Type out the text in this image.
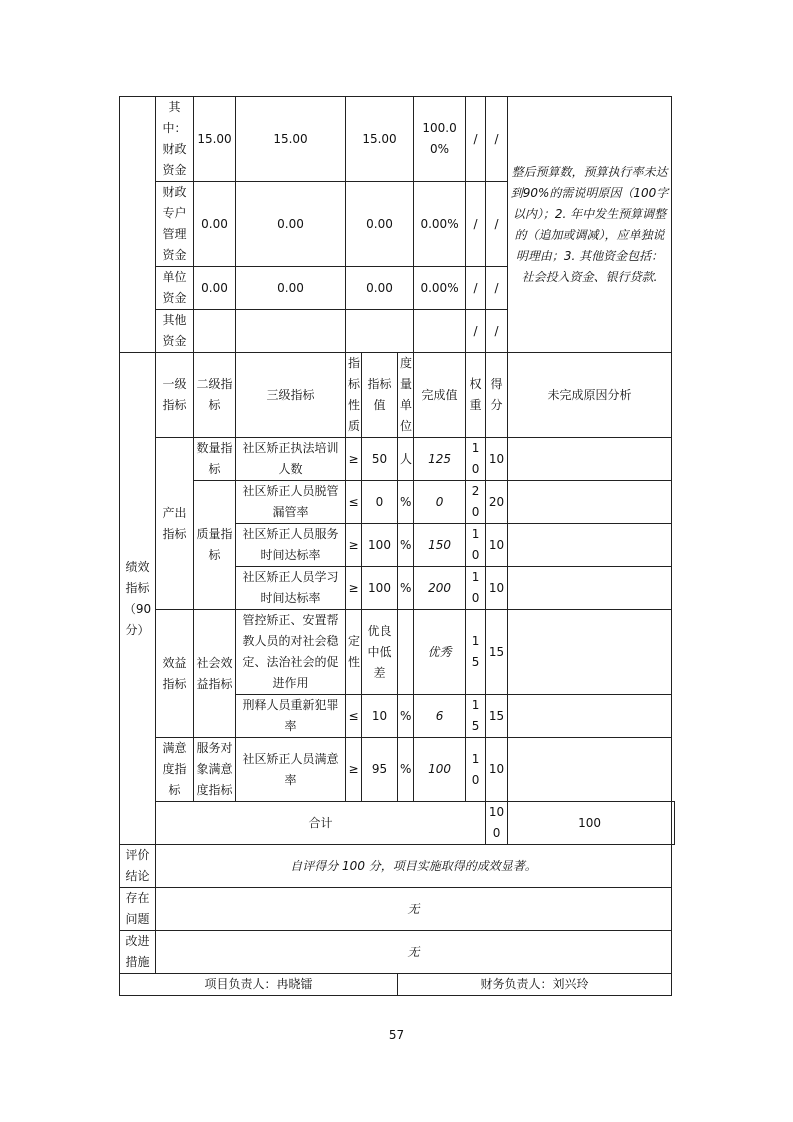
	其中：财政资金	15.00	15.00	15.00			100.00%	/	/	整后预算数，预算执行率未达到90%的需说明原因（100字以内）；2. 年中发生预算调整的（追加或调减），应单独说明理由；3. 其他资金包括：社会投入资金、银行贷款.	
	财政专户管理资金	0.00	0.00	0.00			0.00%	/	/		
	单位资金	0.00	0.00	0.00			0.00%	/	/		
	其他资金							/	/		
绩效指标（90分）	一级指标	二级指标	三级指标	指标性质	指标值	度量单位	完成值	权重	得分	未完成原因分析	
	产出指标	数量指标	社区矫正执法培训人数	≥	50	人	125	10	10		
		质量指标	社区矫正人员脱管漏管率	≤	0	%	0	20	20		
			社区矫正人员服务时间达标率	≥	100	%	150	10	10		
			社区矫正人员学习时间达标率	≥	100	%	200	10	10		
	效益指标	社会效益指标	管控矫正、安置帮教人员的对社会稳定、法治社会的促进作用	定性	优良中低差		优秀	15	15		
			刑释人员重新犯罪率	≤	10	%	6	15	15		
	满意度指标	服务对象满意度指标	社区矫正人员满意率	≥	95	%	100	10	10		
	合计								100	100	
评价结论	自评得分 100 分，项目实施取得的成效显著。										
存在问题	无										
改进措施	无										
项目负责人：冉晓镭						财务负责人：刘兴玲					
57
